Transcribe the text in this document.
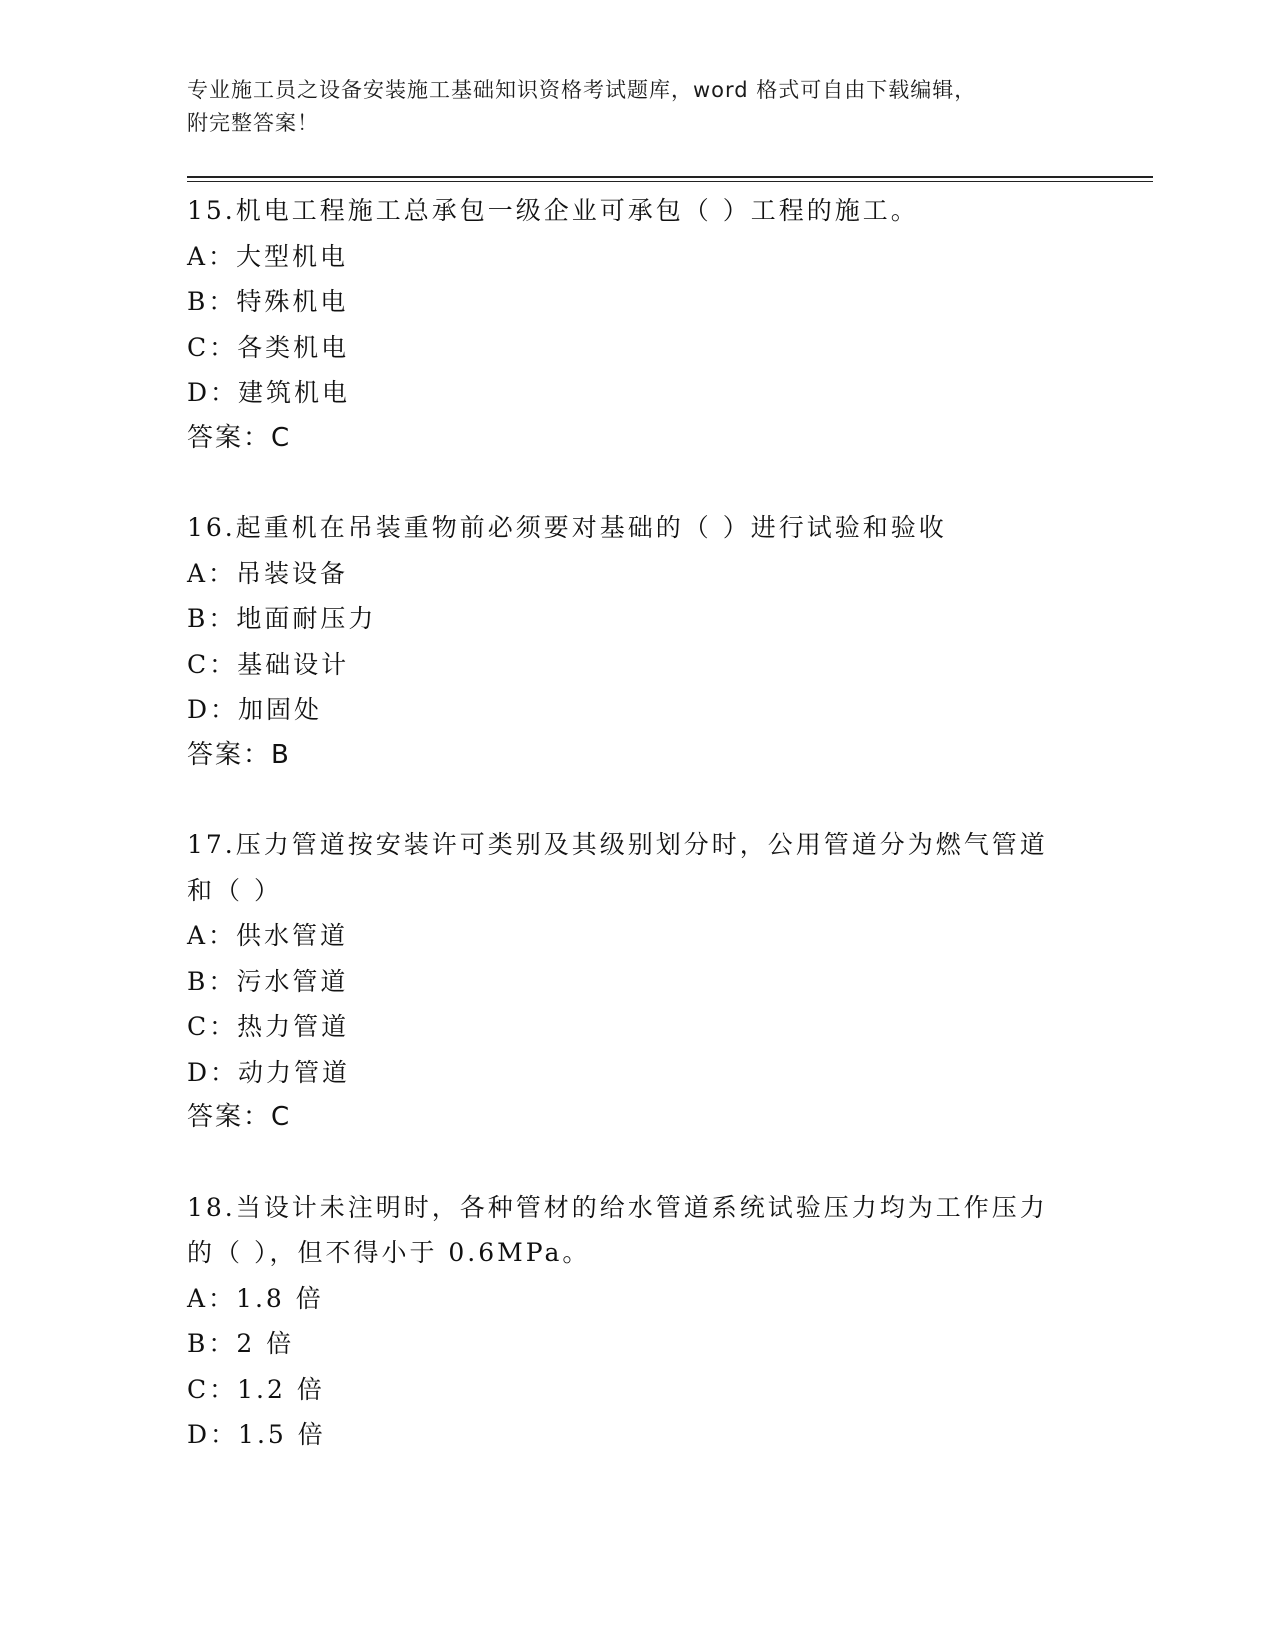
专业施工员之设备安装施工基础知识资格考试题库，word 格式可自由下载编辑，
附完整答案！
15.机电工程施工总承包一级企业可承包（ ）工程的施工。
A：大型机电
B：特殊机电
C：各类机电
D：建筑机电
答案：C
16.起重机在吊装重物前必须要对基础的（ ）进行试验和验收
A：吊装设备
B：地面耐压力
C：基础设计
D：加固处
答案：B
17.压力管道按安装许可类别及其级别划分时，公用管道分为燃气管道
和（ ）
A：供水管道
B：污水管道
C：热力管道
D：动力管道
答案：C
18.当设计未注明时，各种管材的给水管道系统试验压力均为工作压力
的（ ），但不得小于 0.6MPa。
A：1.8 倍
B：2 倍
C：1.2 倍
D：1.5 倍
